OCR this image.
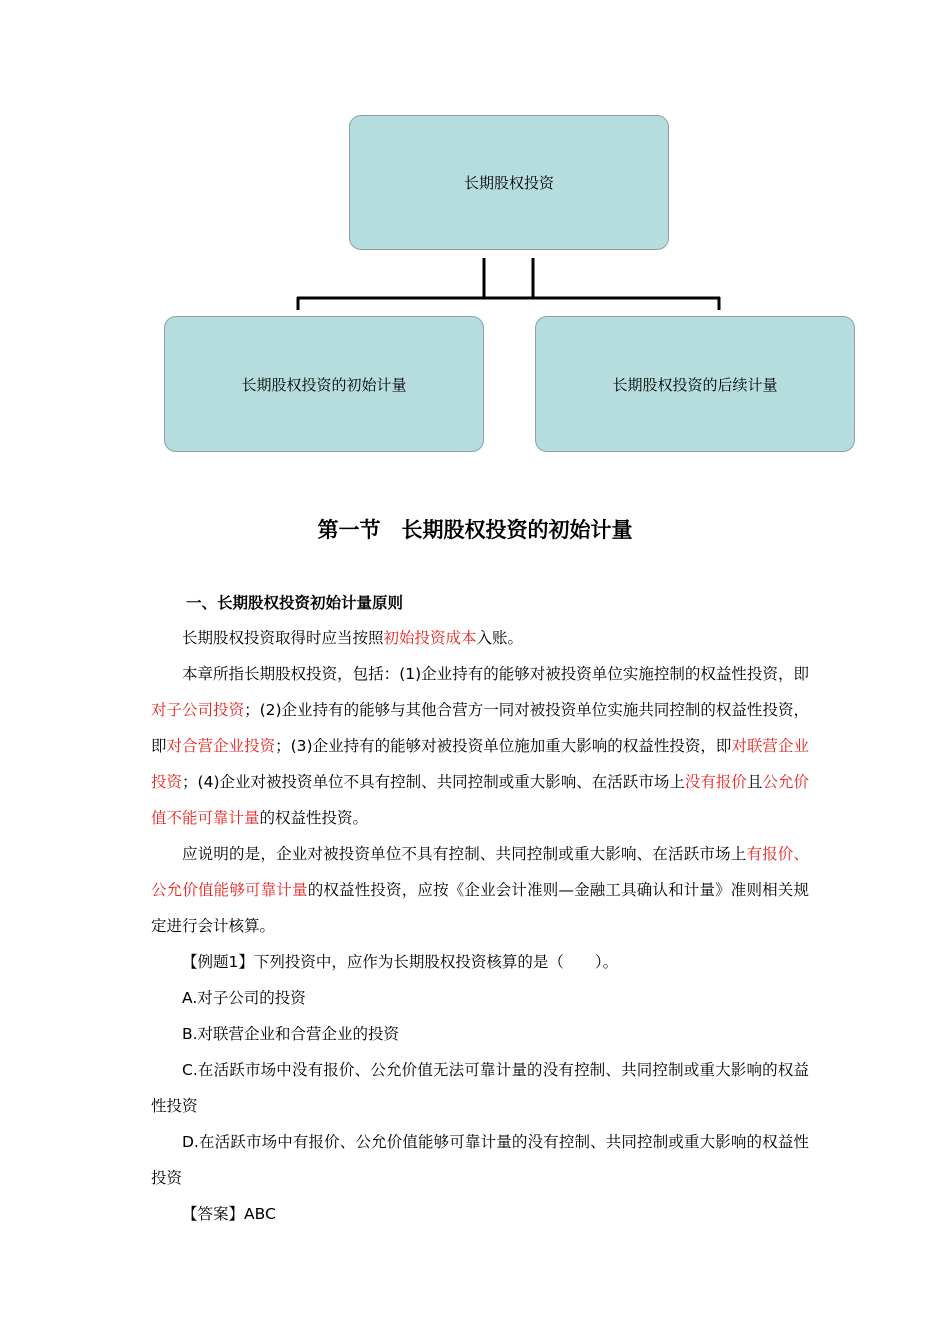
长期股权投资
长期股权投资的初始计量	长期股权投资的后续计量
第一节　长期股权投资的初始计量
一、长期股权投资初始计量原则

长期股权投资取得时应当按照初始投资成本入账。

本章所指长期股权投资，包括：(1)企业持有的能够对被投资单位实施控制的权益性投资，即对子公司投资；(2)企业持有的能够与其他合营方一同对被投资单位实施共同控制的权益性投资，即对合营企业投资；(3)企业持有的能够对被投资单位施加重大影响的权益性投资，即对联营企业投资；(4)企业对被投资单位不具有控制、共同控制或重大影响、在活跃市场上没有报价且公允价值不能可靠计量的权益性投资。

应说明的是，企业对被投资单位不具有控制、共同控制或重大影响、在活跃市场上有报价、公允价值能够可靠计量的权益性投资，应按《企业会计准则—金融工具确认和计量》准则相关规定进行会计核算。

【例题1】下列投资中，应作为长期股权投资核算的是（　　）。

A.对子公司的投资

B.对联营企业和合营企业的投资

C.在活跃市场中没有报价、公允价值无法可靠计量的没有控制、共同控制或重大影响的权益性投资

D.在活跃市场中有报价、公允价值能够可靠计量的没有控制、共同控制或重大影响的权益性投资

【答案】ABC
